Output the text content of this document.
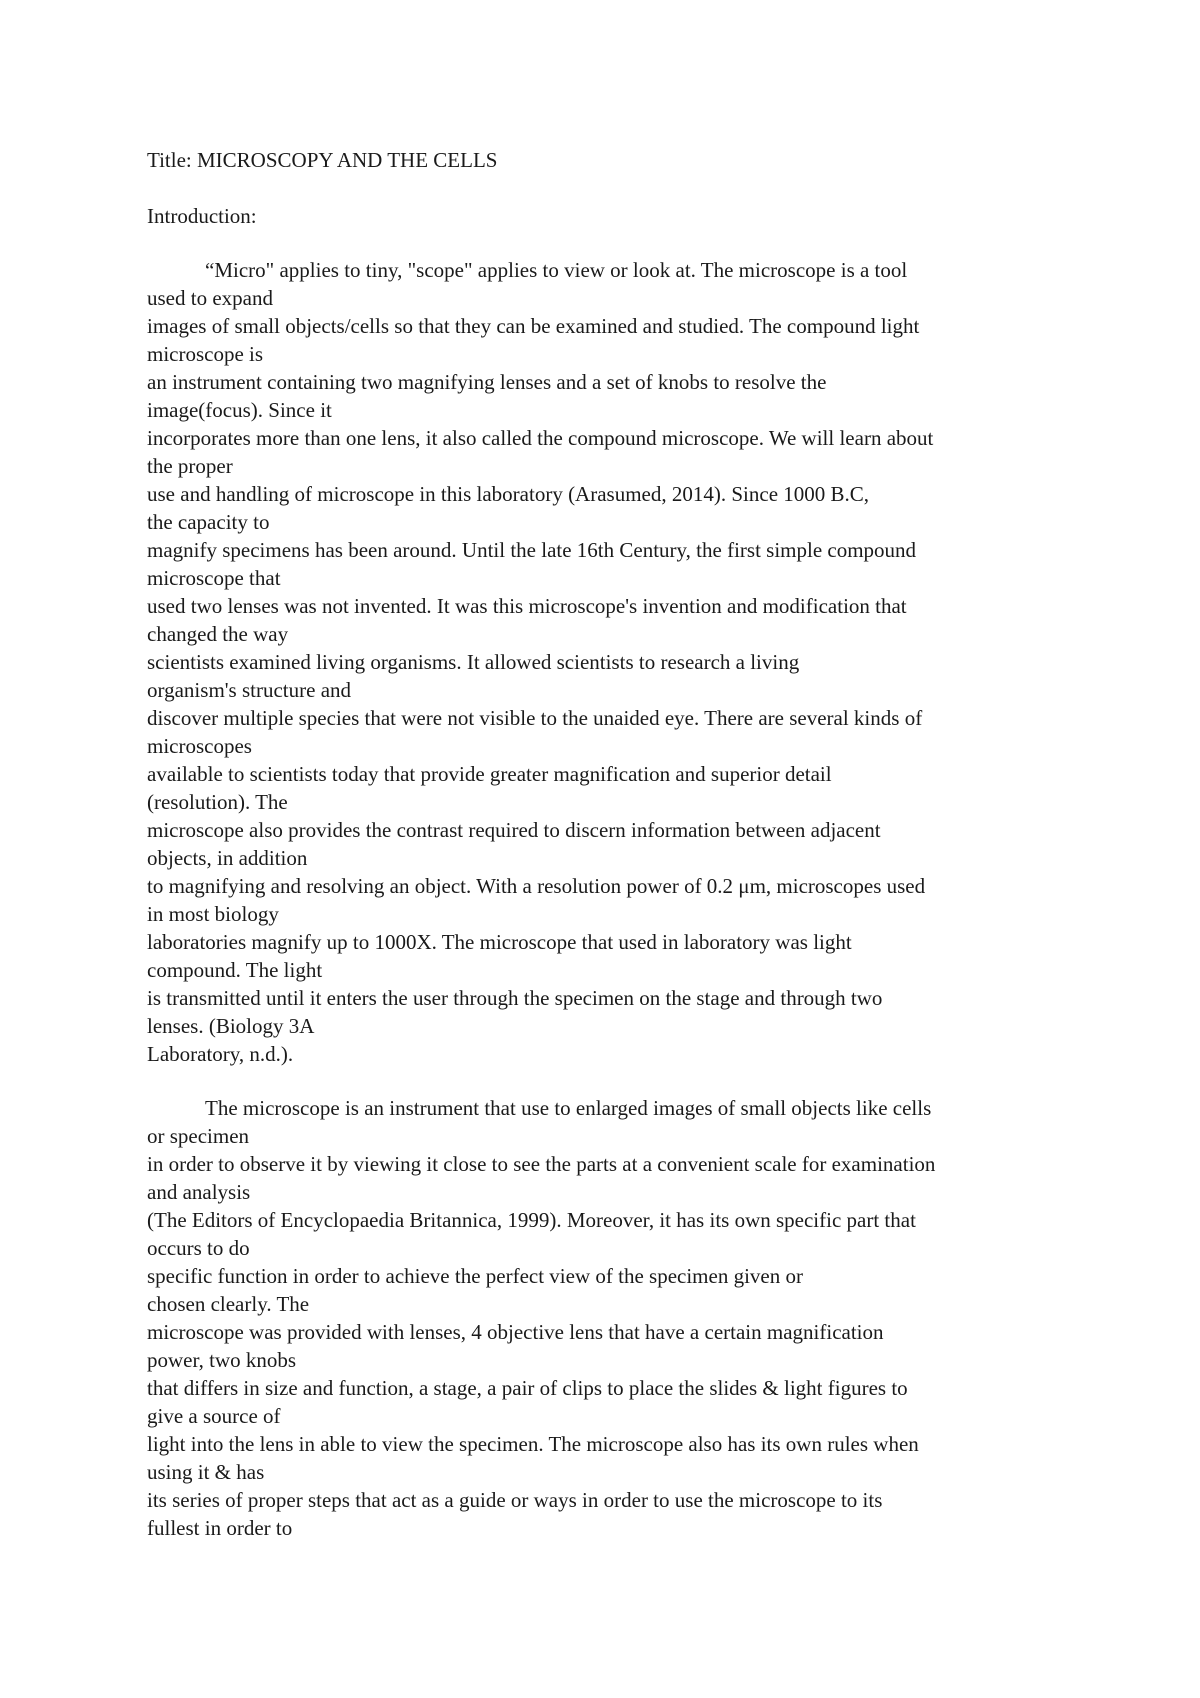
Title: MICROSCOPY AND THE CELLS
Introduction:
“Micro" applies to tiny, "scope" applies to view or look at. The microscope is a tool
used to expand
images of small objects/cells so that they can be examined and studied. The compound light
microscope is
an instrument containing two magnifying lenses and a set of knobs to resolve the
image(focus). Since it
incorporates more than one lens, it also called the compound microscope. We will learn about
the proper
use and handling of microscope in this laboratory (Arasumed, 2014). Since 1000 B.C,
the capacity to
magnify specimens has been around. Until the late 16th Century, the first simple compound
microscope that
used two lenses was not invented. It was this microscope's invention and modification that
changed the way
scientists examined living organisms. It allowed scientists to research a living
organism's structure and
discover multiple species that were not visible to the unaided eye. There are several kinds of
microscopes
available to scientists today that provide greater magnification and superior detail
(resolution). The
microscope also provides the contrast required to discern information between adjacent
objects, in addition
to magnifying and resolving an object. With a resolution power of 0.2 μm, microscopes used
in most biology
laboratories magnify up to 1000X. The microscope that used in laboratory was light
compound. The light
is transmitted until it enters the user through the specimen on the stage and through two
lenses. (Biology 3A
Laboratory, n.d.).
The microscope is an instrument that use to enlarged images of small objects like cells
or specimen
in order to observe it by viewing it close to see the parts at a convenient scale for examination
and analysis
(The Editors of Encyclopaedia Britannica, 1999). Moreover, it has its own specific part that
occurs to do
specific function in order to achieve the perfect view of the specimen given or
chosen clearly. The
microscope was provided with lenses, 4 objective lens that have a certain magnification
power, two knobs
that differs in size and function, a stage, a pair of clips to place the slides & light figures to
give a source of
light into the lens in able to view the specimen. The microscope also has its own rules when
using it & has
its series of proper steps that act as a guide or ways in order to use the microscope to its
fullest in order to
